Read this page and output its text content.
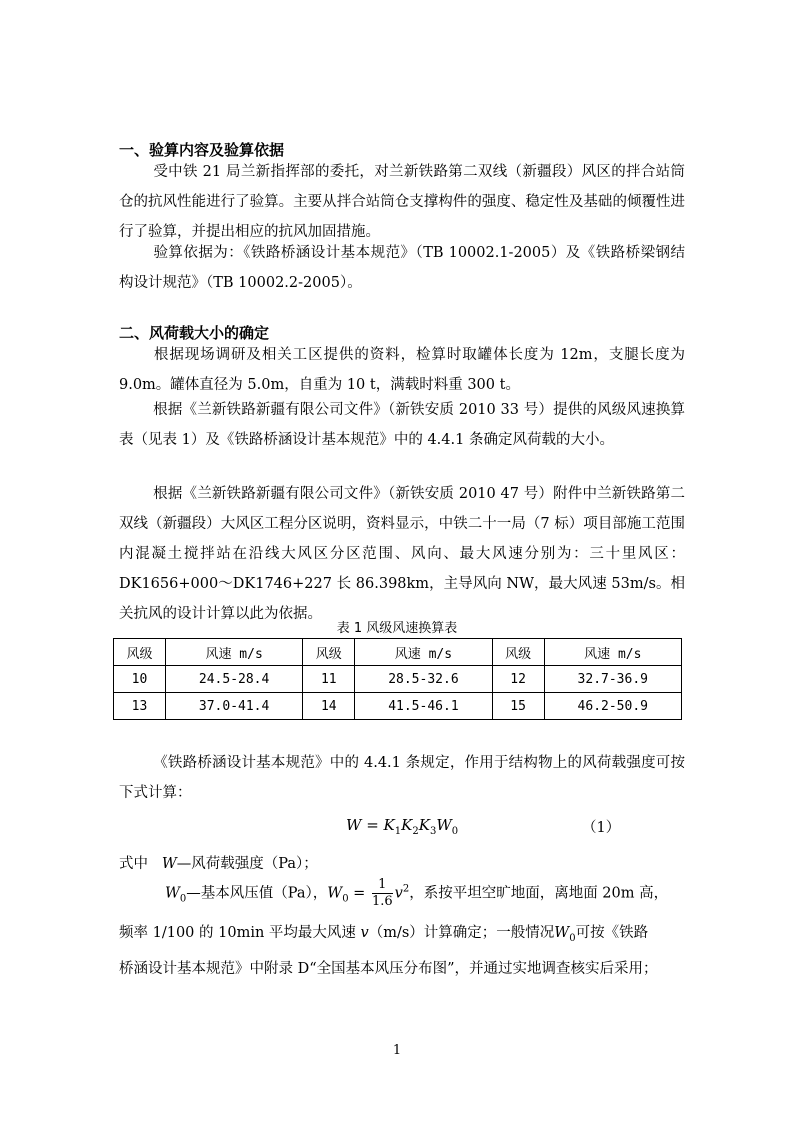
一、验算内容及验算依据
受中铁 21 局兰新指挥部的委托，对兰新铁路第二双线（新疆段）风区的拌合站筒仓的抗风性能进行了验算。主要从拌合站筒仓支撑构件的强度、稳定性及基础的倾覆性进行了验算，并提出相应的抗风加固措施。
验算依据为：《铁路桥涵设计基本规范》（TB 10002.1-2005）及《铁路桥梁钢结构设计规范》（TB 10002.2-2005）。
二、风荷载大小的确定
根据现场调研及相关工区提供的资料，检算时取罐体长度为 12m，支腿长度为 9.0m。罐体直径为 5.0m，自重为 10 t，满载时料重 300 t。
根据《兰新铁路新疆有限公司文件》（新铁安质 2010 33 号）提供的风级风速换算表（见表 1）及《铁路桥涵设计基本规范》中的 4.4.1 条确定风荷载的大小。
根据《兰新铁路新疆有限公司文件》（新铁安质 2010 47 号）附件中兰新铁路第二双线（新疆段）大风区工程分区说明，资料显示，中铁二十一局（7 标）项目部施工范围内混凝土搅拌站在沿线大风区分区范围、风向、最大风速分别为：三十里风区：DK1656+000～DK1746+227 长 86.398km，主导风向 NW，最大风速 53m/s。相关抗风的设计计算以此为依据。
表 1 风级风速换算表
风级	风速 m/s	风级	风速 m/s	风级	风速 m/s
10	24.5-28.4	11	28.5-32.6	12	32.7-36.9
13	37.0-41.4	14	41.5-46.1	15	46.2-50.9
《铁路桥涵设计基本规范》中的 4.4.1 条规定，作用于结构物上的风荷载强度可按下式计算：
$W = K_1K_2K_3W_0$	（1）
式中 W—风荷载强度（Pa）；
$W_0—$基本风压值（Pa），$W_0 = \frac{1}{1.6} v^2$，系按平坦空旷地面，离地面 20m 高，
频率 1/100 的 10min 平均最大风速 v（m/s）计算确定；一般情况$W_0$可按《铁路
桥涵设计基本规范》中附录 D“全国基本风压分布图”，并通过实地调查核实后采用；
1
